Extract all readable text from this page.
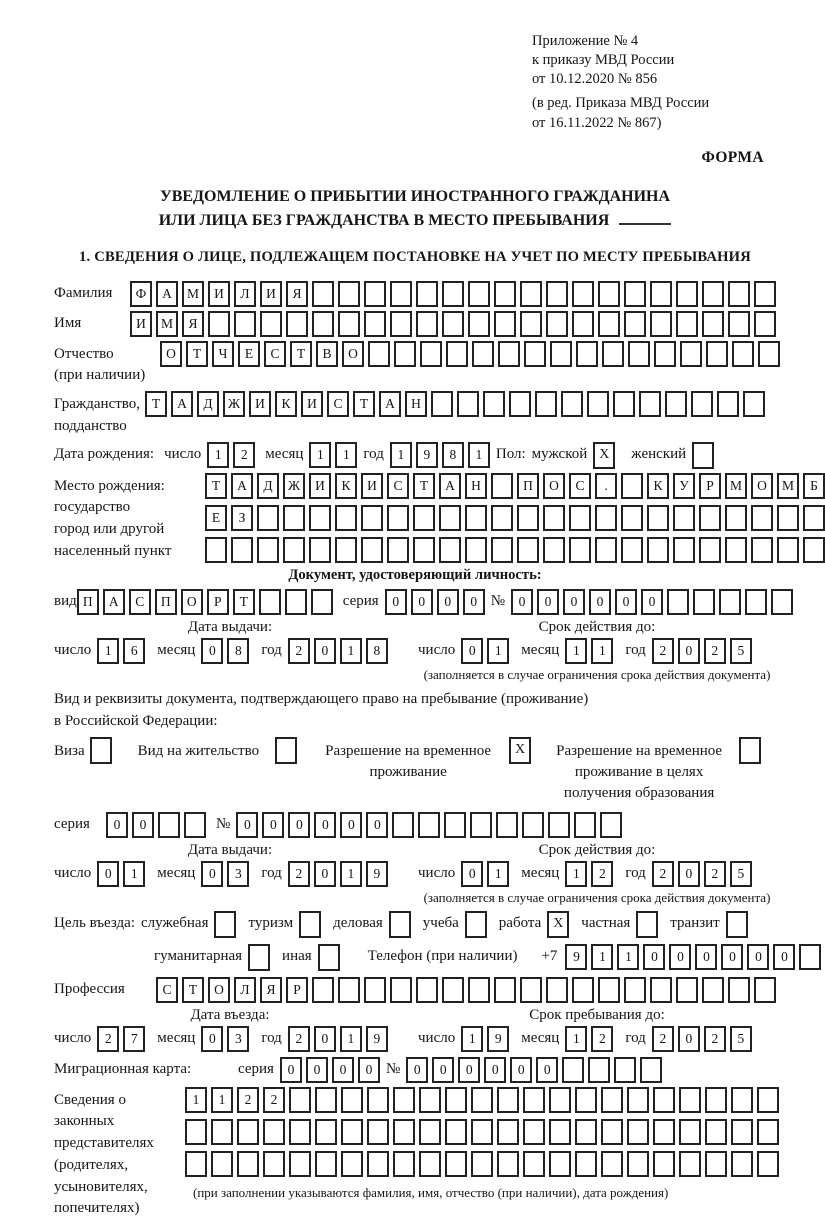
Приложение № 4
к приказу МВД России
от 10.12.2020 № 856
(в ред. Приказа МВД России
от 16.11.2022 № 867)
ФОРМА
УВЕДОМЛЕНИЕ О ПРИБЫТИИ ИНОСТРАННОГО ГРАЖДАНИНА
ИЛИ ЛИЦА БЕЗ ГРАЖДАНСТВА В МЕСТО ПРЕБЫВАНИЯ
1. СВЕДЕНИЯ О ЛИЦЕ, ПОДЛЕЖАЩЕМ ПОСТАНОВКЕ НА УЧЕТ ПО МЕСТУ ПРЕБЫВАНИЯ
Фамилия	Ф	А	М	И	Л	И	Я
Имя	И	М	Я
Отчество
(при наличии)
О	Т	Ч	Е	С	Т	В	О
Гражданство,
подданство
Т	А	Д	Ж	И	К	И	С	Т	А	Н
Дата рождения: число	1	2	месяц	1	1 год	1	9	8	1 Пол: мужской X	женский
Место рождения:
государство
город или другой
населенный пункт
Т	А	Д	Ж	И	К	И	С	Т	А	Н	П	О	С	.	К	У	Р	М	О	М	Б
Е	З
Документ, удостоверяющий личность:
вид П	А	С	П	О	Р	Т	серия	0	0	0	0 №	0	0	0	0	0	0
Дата выдачи:
число	1	6	месяц	0	8	год	2	0	1	8
Срок действия до:
число	0	1	месяц	1	1	год	2	0	2	5
(заполняется в случае ограничения срока действия документа)
Вид и реквизиты документа, подтверждающего право на пребывание (проживание)
в Российской Федерации:
Виза	Вид на жительство	Разрешение на временное проживание
X	Разрешение на временное проживание в целях получения образования
серия	0	0	№	0	0	0	0	0	0
Дата выдачи:
число	0	1	месяц	0	3	год	2	0	1	9
Срок действия до:
число	0	1	месяц	1	2	год	2	0	2	5
(заполняется в случае ограничения срока действия документа)
Цель въезда: служебная	туризм	деловая	учеба	работа X	частная	транзит
гуманитарная	иная	Телефон (при наличии) +7	9	1	1	0	0	0	0	0	0
Профессия	С	Т	О	Л	Я	Р
Дата въезда:
число	2	7	месяц	0	3	год	2	0	1	9
Срок пребывания до:
число	1	9	месяц	1	2	год	2	0	2	5
Миграционная карта:	серия	0	0	0	0 №	0	0	0	0	0	0
Сведения о
законных
представителях
(родителях,
усыновителях,
попечителях)
1	1	2	2
(при заполнении указываются фамилия, имя, отчество (при наличии), дата рождения)
